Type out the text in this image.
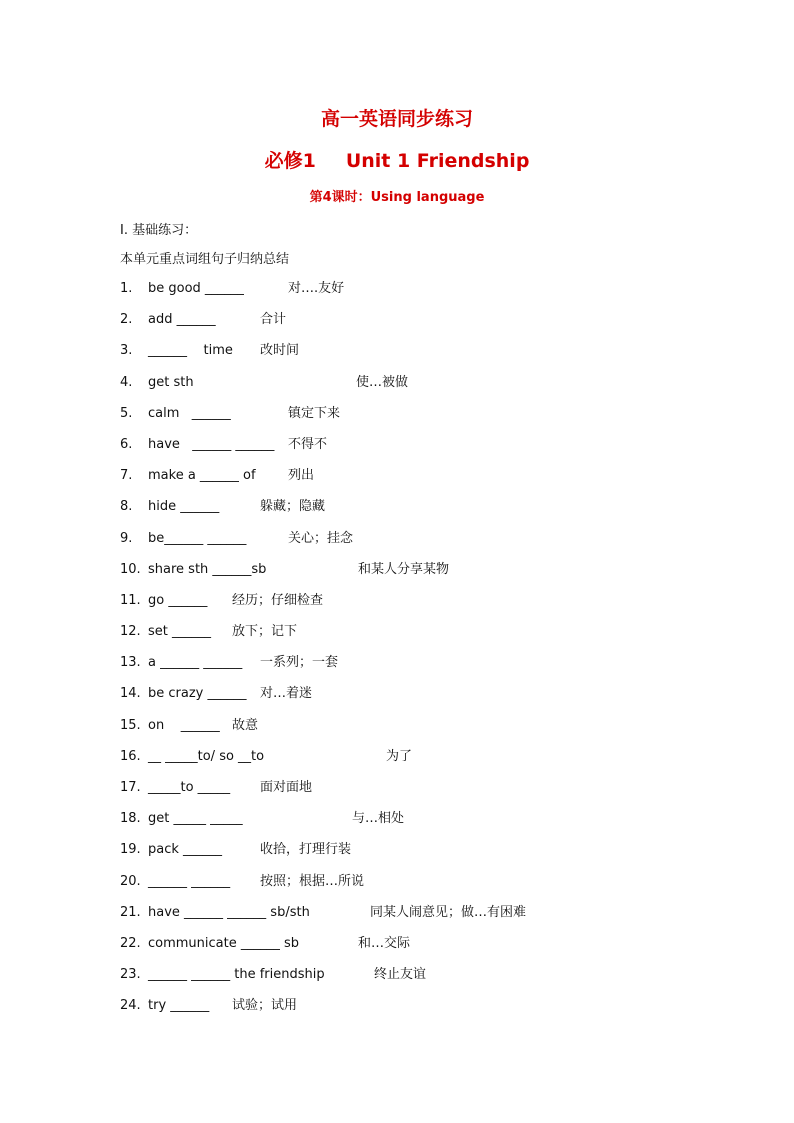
高一英语同步练习
必修1 Unit 1 Friendship
第4课时：Using language
I. 基础练习：
本单元重点词组句子归纳总结
1. be good ______	对….友好
2. add ______	合计
3. ______    time 改时间
4. get sth	使…被做
5. calm   ______	镇定下来
6. have   ______ ______ 不得不
7. make a ______ of 列出
8. hide ______	躲藏；隐藏
9. be______ ______	关心；挂念
10. share sth ______sb	和某人分享某物
11. go ______ 经历；仔细检查
12. set ______ 放下；记下
13. a ______ ______ 一系列；一套
14. be crazy ______ 对…着迷
15. on    ______ 故意
16. __ _____to/ so __to	为了
17. _____to _____ 面对面地
18. get _____ _____	与…相处
19. pack ______	收拾，打理行装
20. ______ ______ 按照；根据…所说
21. have ______ ______ sb/sth	同某人闹意见；做…有困难
22. communicate ______ sb	和…交际
23. ______ ______ the friendship	终止友谊
24. try ______ 试验；试用
